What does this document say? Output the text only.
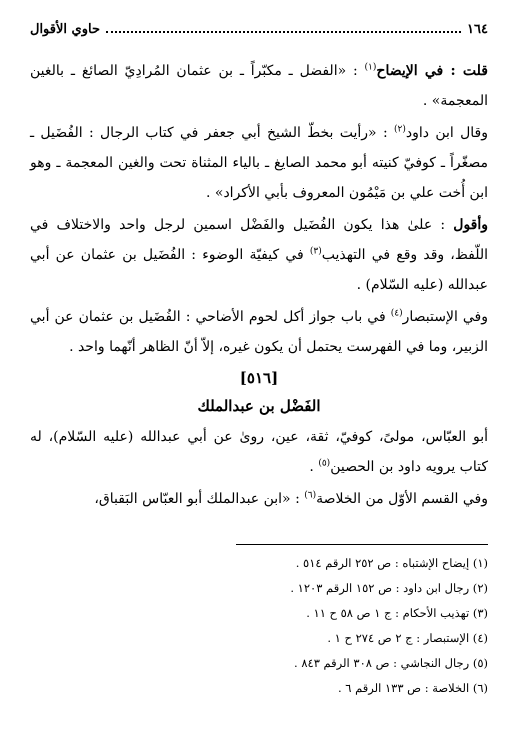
١٦٤
حاوي الأقوال

قلت : في الإيضاح$^{(١)}$ : «الفضل ـ مكبّراً ـ بن عثمان المُرادِيّ الصائغ ـ بالغين المعجمة» .

وقال ابن داود$^{(٢)}$ : «رأيت بخطّ الشيخ أبي جعفر في كتاب الرجال : الفُضَيل ـ مصغّراً ـ كوفيّ كنيته أبو محمد الصايغ ـ بالياء المثناة تحت والغين المعجمة ـ وهو ابن أُخت علي بن مَيْمُون المعروف بأبي الأكراد» .

وأقول : علىٰ هذا يكون الفُضَيل والفَضْل اسمين لرجل واحد والاختلاف في اللّفظ، وقد وقع في التهذيب$^{(٣)}$ في كيفيّة الوضوء : الفُضَيل بن عثمان عن أبي عبدالله (عليه السّلام) .

وفي الإستبصار$^{(٤)}$ في باب جواز أكل لحوم الأضاحي : الفُضَيل بن عثمان عن أبي الزبير، وما في الفهرست يحتمل أن يكون غيره، إلاّ أنّ الظاهر أنّهما واحد .

[٥١٦]
الفَضْل بن عبدالملك

أبو العبّاس، مولىً، كوفيّ، ثقة، عين، روىٰ عن أبي عبدالله (عليه السّلام)، له كتاب يرويه داود بن الحصين$^{(٥)}$ .

وفي القسم الأوّل من الخلاصة$^{(٦)}$ : «ابن عبدالملك أبو العبّاس البَقباق،

(١) إيضاح الإشتباه : ص ٢٥٢ الرقم ٥١٤ .
(٢) رجال ابن داود : ص ١٥٢ الرقم ١٢٠٣ .
(٣) تهذيب الأحكام : ج ١ ص ٥٨ ح ١١ .
(٤) الإستبصار : ج ٢ ص ٢٧٤ ح ١ .
(٥) رجال النجاشي : ص ٣٠٨ الرقم ٨٤٣ .
(٦) الخلاصة : ص ١٣٣ الرقم ٦ .
